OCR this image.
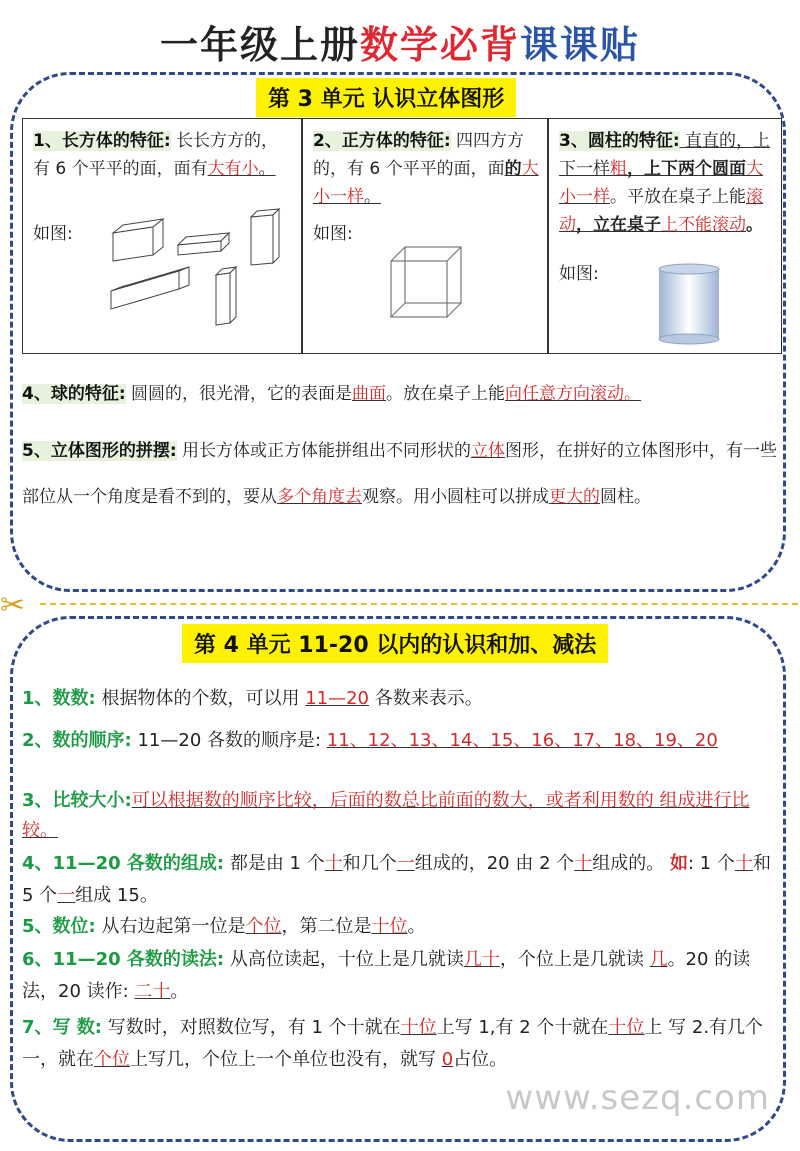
一年级上册数学必背课课贴
第 3 单元 认识立体图形
1、长方体的特征: 长长方方的，有 6 个平平的面，面有大有小。
如图:
2、正方体的特征: 四四方方的，有 6 个平平的面，面的大小一样。
如图:
3、圆柱的特征: 直直的，上下一样粗，上下两个圆面大小一样。平放在桌子上能滚动，立在桌子上不能滚动。
如图:
4、球的特征: 圆圆的，很光滑，它的表面是曲面。放在桌子上能向任意方向滚动。
5、立体图形的拼摆: 用长方体或正方体能拼组出不同形状的立体图形，在拼好的立体图形中，有一些部位从一个角度是看不到的，要从多个角度去观察。用小圆柱可以拼成更大的圆柱。
✂
第 4 单元 11-20 以内的认识和加、减法
1、数数: 根据物体的个数，可以用 11—20 各数来表示。
2、数的顺序: 11—20 各数的顺序是: 11、12、13、14、15、16、17、18、19、20
3、比较大小:可以根据数的顺序比较，后面的数总比前面的数大，或者利用数的 组成进行比较。
4、11—20 各数的组成: 都是由 1 个十和几个一组成的，20 由 2 个十组成的。 如: 1 个十和 5 个一组成 15。
5、数位: 从右边起第一位是个位，第二位是十位。
6、11—20 各数的读法: 从高位读起，十位上是几就读几十，个位上是几就读 几。20 的读法，20 读作: 二十。
7、写 数: 写数时，对照数位写，有 1 个十就在十位上写 1,有 2 个十就在十位上 写 2.有几个一，就在个位上写几，个位上一个单位也没有，就写 0占位。
www.sezq.com
